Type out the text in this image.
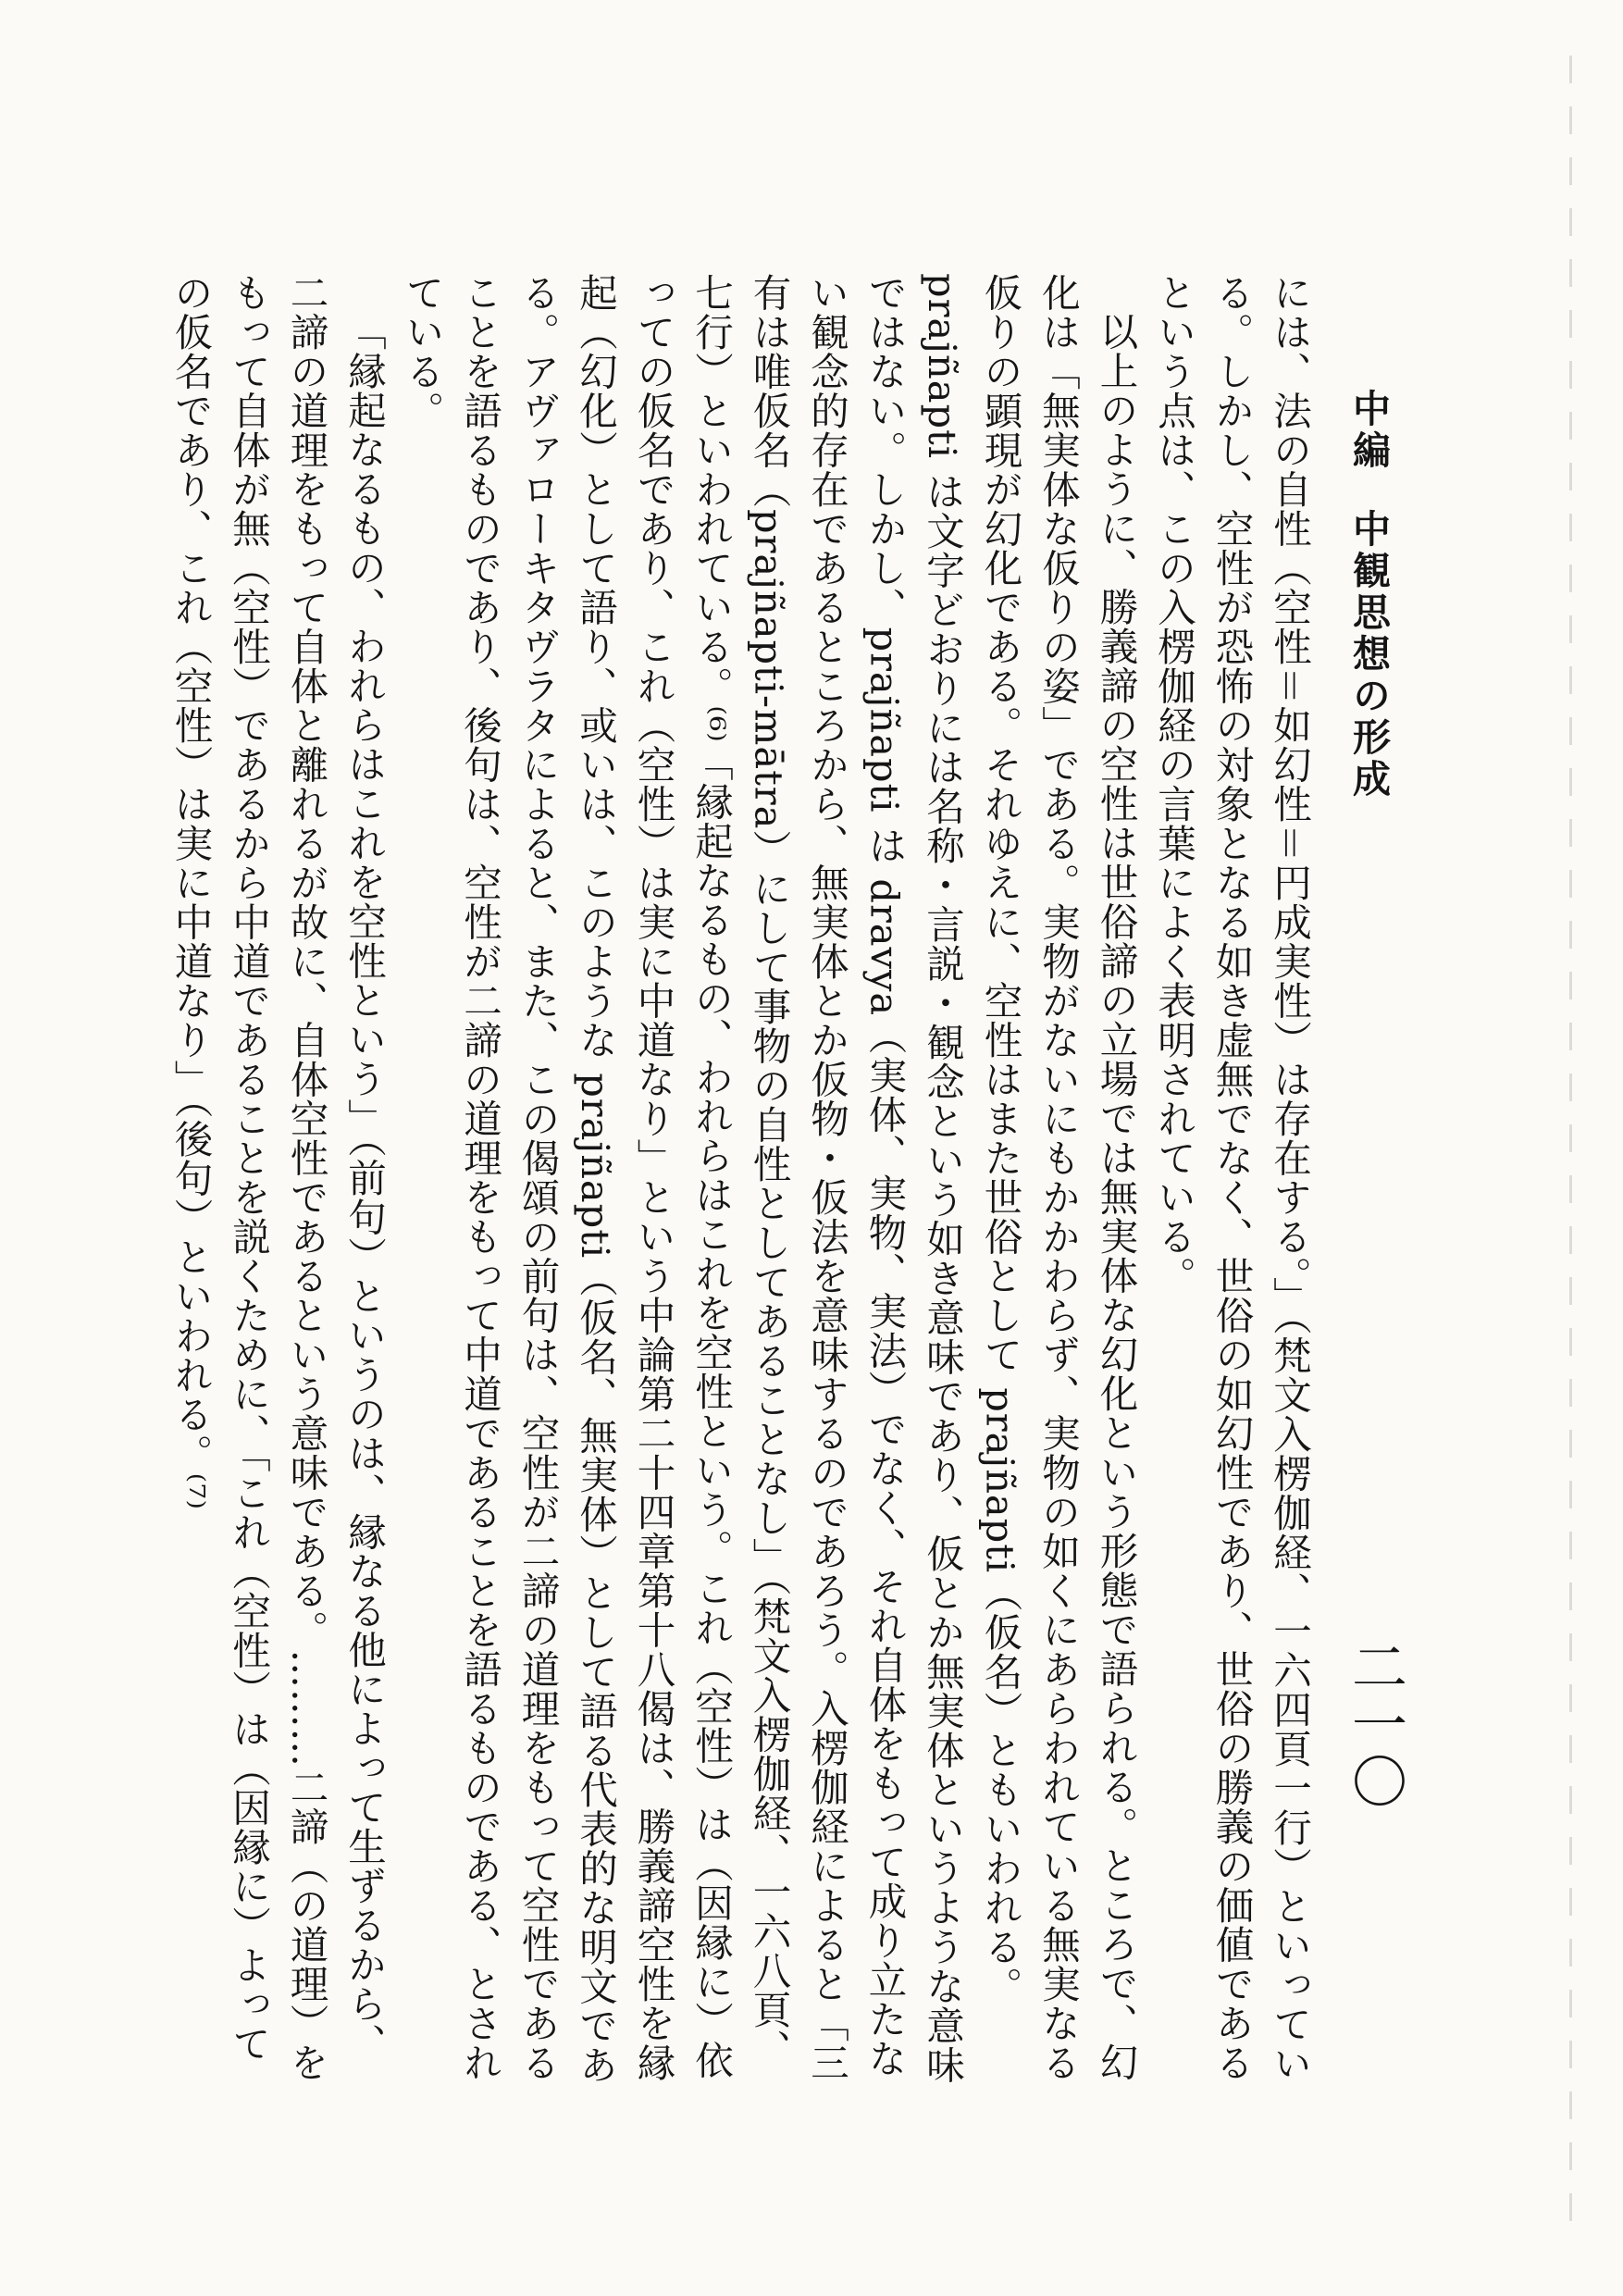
中編中観思想の形成
二一〇

には、法の自性（空性＝如幻性＝円成実性）は存在する。」（梵文入楞伽経、一六四頁一行）といっている。しかし、空性が恐怖の対象となる如き虚無でなく、世俗の如幻性であり、世俗の勝義の価値であるという点は、この入楞伽経の言葉によく表明されている。

以上のように、勝義諦の空性は世俗諦の立場では無実体な幻化という形態で語られる。ところで、幻化は「無実体な仮りの姿」である。実物がないにもかかわらず、実物の如くにあらわれている無実なる仮りの顕現が幻化である。それゆえに、空性はまた世俗として prajñapti（仮名）ともいわれる。prajñapti は文字どおりには名称・言説・観念という如き意味であり、仮とか無実体というような意味ではない。しかし、prajñapti は dravya（実体、実物、実法）でなく、それ自体をもって成り立たない観念的存在であるところから、無実体とか仮物・仮法を意味するのであろう。入楞伽経によると「三有は唯仮名（prajñapti-mātra）にして事物の自性としてあることなし」（梵文入楞伽経、一六八頁、七行）といわれている。⁽⁶⁾「縁起なるもの、われらはこれを空性という。これ（空性）は（因縁に）依っての仮名であり、これ（空性）は実に中道なり」という中論第二十四章第十八偈は、勝義諦空性を縁起（幻化）として語り、或いは、このような prajñapti（仮名、無実体）として語る代表的な明文である。アヴァローキタヴラタによると、また、この偈頌の前句は、空性が二諦の道理をもって空性であることを語るものであり、後句は、空性が二諦の道理をもって中道であることを語るものである、とされている。

「縁起なるもの、われらはこれを空性という」（前句）というのは、縁なる他によって生ずるから、二諦の道理をもって自体と離れるが故に、自体空性であるという意味である。………二諦（の道理）をもって自体が無（空性）であるから中道であることを説くために、「これ（空性）は（因縁に）よっての仮名であり、これ（空性）は実に中道なり」（後句）といわれる。⁽⁷⁾
